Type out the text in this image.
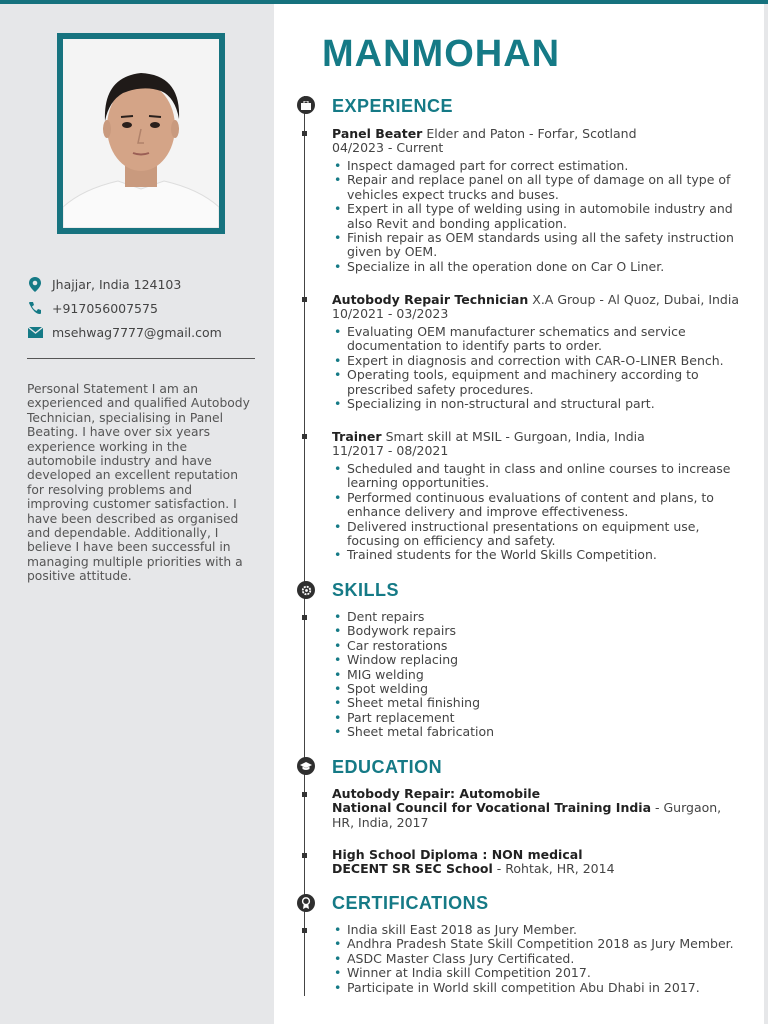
Jhajjar, India 124103
+917056007575
msehwag7777@gmail.com

Personal Statement I am an experienced and qualified Autobody Technician, specialising in Panel Beating. I have over six years experience working in the automobile industry and have developed an excellent reputation for resolving problems and improving customer satisfaction. I have been described as organised and dependable. Additionally, I believe I have been successful in managing multiple priorities with a positive attitude.

MANMOHAN
EXPERIENCE
Panel Beater Elder and Paton - Forfar, Scotland
04/2023 - Current
• Inspect damaged part for correct estimation.
• Repair and replace panel on all type of damage on all type of vehicles expect trucks and buses.
• Expert in all type of welding using in automobile industry and also Revit and bonding application.
• Finish repair as OEM standards using all the safety instruction given by OEM.
• Specialize in all the operation done on Car O Liner.
Autobody Repair Technician X.A Group - Al Quoz, Dubai, India
10/2021 - 03/2023
• Evaluating OEM manufacturer schematics and service documentation to identify parts to order.
• Expert in diagnosis and correction with CAR-O-LINER Bench.
• Operating tools, equipment and machinery according to prescribed safety procedures.
• Specializing in non-structural and structural part.
Trainer Smart skill at MSIL - Gurgoan, India, India
11/2017 - 08/2021
• Scheduled and taught in class and online courses to increase learning opportunities.
• Performed continuous evaluations of content and plans, to enhance delivery and improve effectiveness.
• Delivered instructional presentations on equipment use, focusing on efficiency and safety.
• Trained students for the World Skills Competition.
SKILLS
• Dent repairs
• Bodywork repairs
• Car restorations
• Window replacing
• MIG welding
• Spot welding
• Sheet metal finishing
• Part replacement
• Sheet metal fabrication
EDUCATION
Autobody Repair: Automobile
National Council for Vocational Training India - Gurgaon, HR, India, 2017
High School Diploma : NON medical
DECENT SR SEC School - Rohtak, HR, 2014
CERTIFICATIONS
• India skill East 2018 as Jury Member.
• Andhra Pradesh State Skill Competition 2018 as Jury Member.
• ASDC Master Class Jury Certificated.
• Winner at India skill Competition 2017.
• Participate in World skill competition Abu Dhabi in 2017.
